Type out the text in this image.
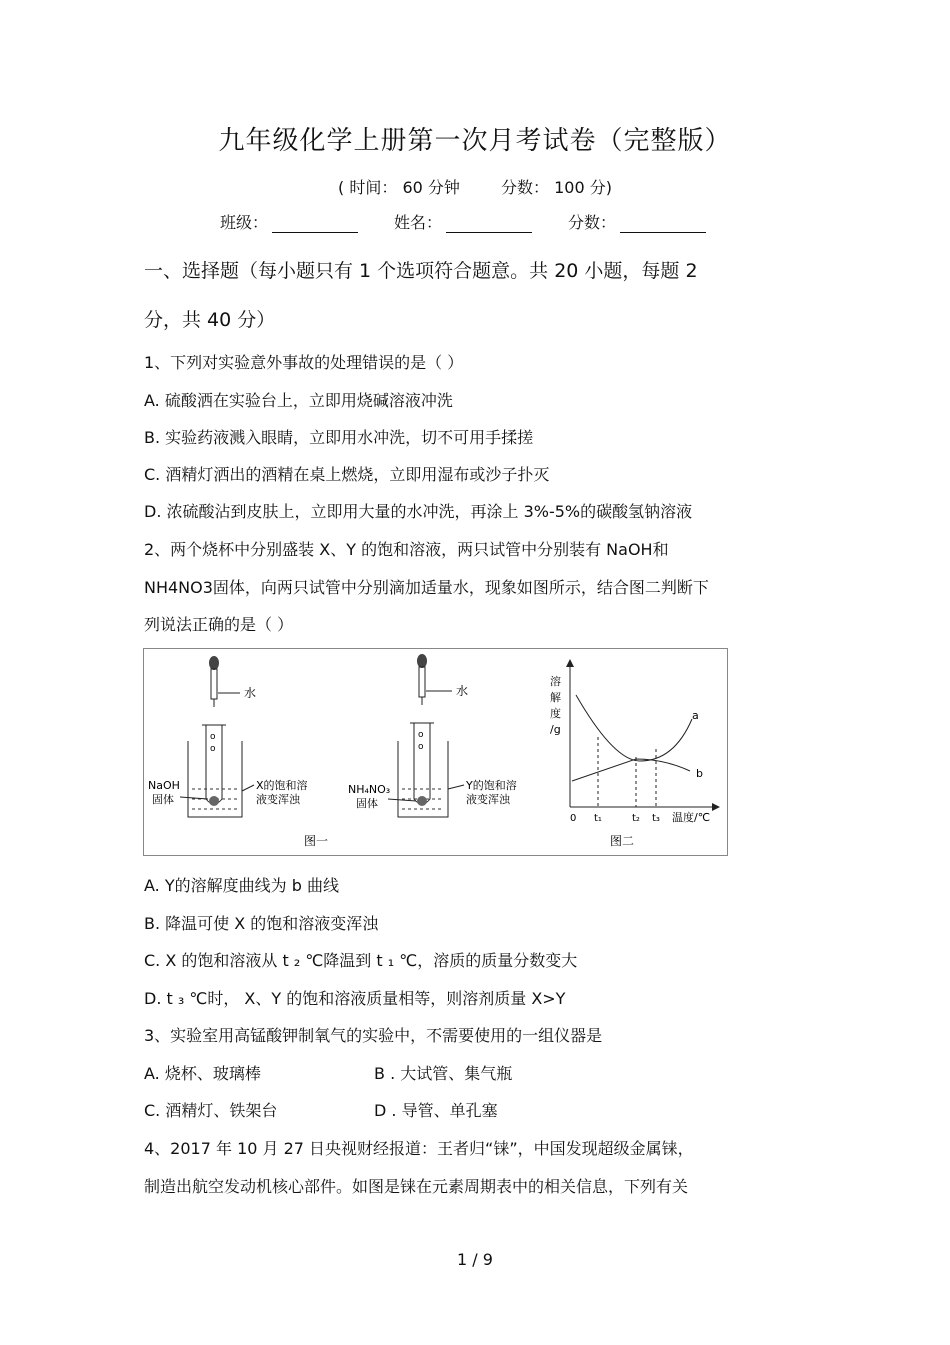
九年级化学上册第一次月考试卷（完整版）
( 时间： 60 分钟	分数： 100 分)
班级：	姓名：	分数：
一、选择题（每小题只有 1 个选项符合题意。共 20 小题，每题 2
分，共 40 分）
1、下列对实验意外事故的处理错误的是（ ）
A. 硫酸洒在实验台上，立即用烧碱溶液冲洗
B. 实验药液溅入眼睛，立即用水冲洗，切不可用手揉搓
C. 酒精灯洒出的酒精在桌上燃烧，立即用湿布或沙子扑灭
D. 浓硫酸沾到皮肤上，立即用大量的水冲洗，再涂上 3%-5%的碳酸氢钠溶液
2、两个烧杯中分别盛装 X、Y 的饱和溶液，两只试管中分别装有 NaOH和
NH4NO3固体，向两只试管中分别滴加适量水，现象如图所示，结合图二判断下
列说法正确的是（ ）
水
o
o
NaOH
固体
X的饱和溶
液变浑浊
图一
水
o
o
NH₄NO₃
固体
Y的饱和溶
液变浑浊
溶
解
度
/g
a
b
0 t₁	t₂ t₃ 温度/℃
图二
A. Y的溶解度曲线为 b 曲线
B. 降温可使 X 的饱和溶液变浑浊
C. X 的饱和溶液从 t ₂ ℃降温到 t ₁ ℃，溶质的质量分数变大
D. t ₃ ℃时， X、Y 的饱和溶液质量相等，则溶剂质量 X>Y
3、实验室用高锰酸钾制氧气的实验中，不需要使用的一组仪器是
A. 烧杯、玻璃棒	B . 大试管、集气瓶
C. 酒精灯、铁架台	D . 导管、单孔塞
4、2017 年 10 月 27 日央视财经报道：王者归“铼”，中国发现超级金属铼，
制造出航空发动机核心部件。如图是铼在元素周期表中的相关信息，下列有关
1 / 9
